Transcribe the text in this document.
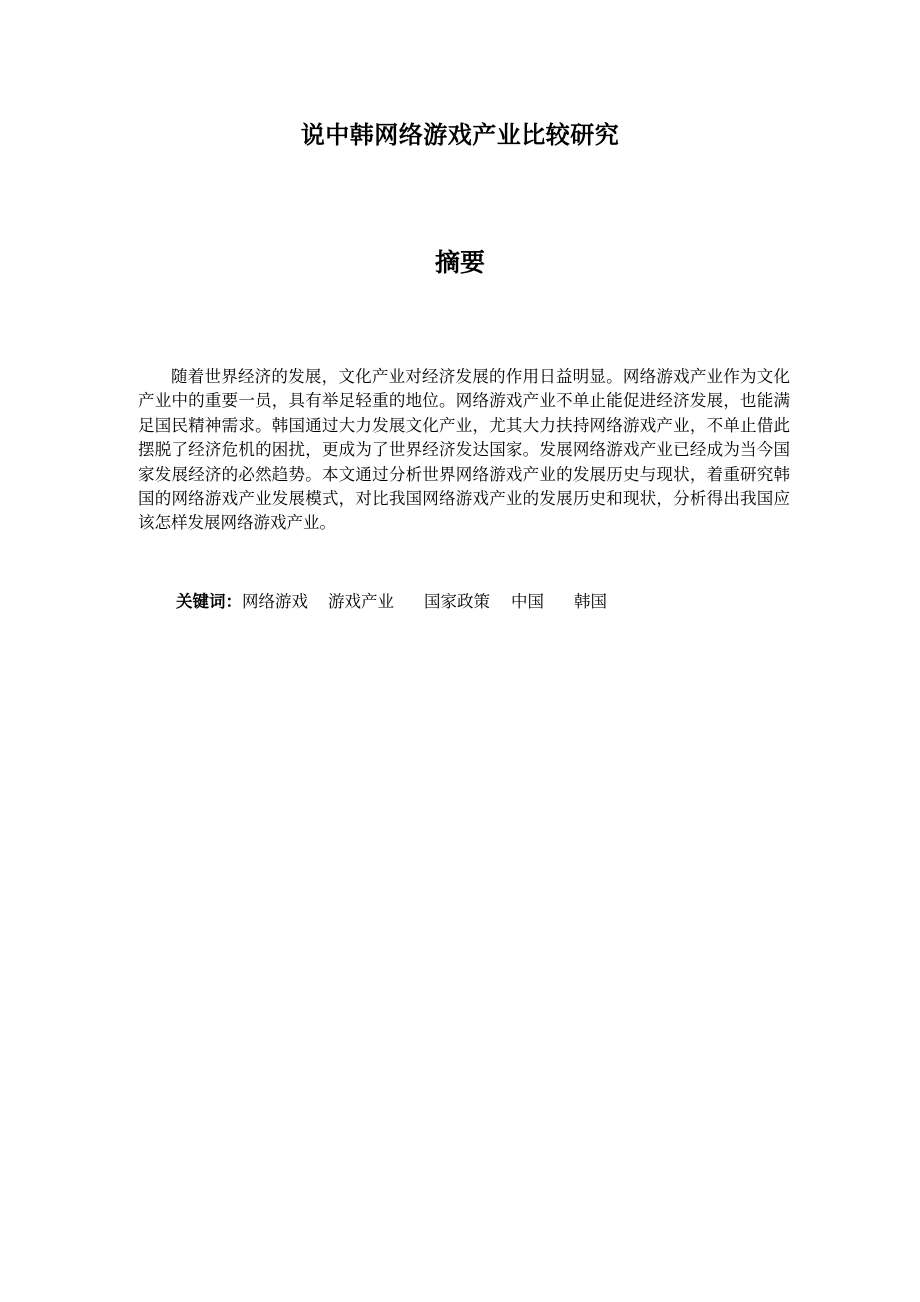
说中韩网络游戏产业比较研究
摘要

随着世界经济的发展，文化产业对经济发展的作用日益明显。网络游戏产业作为文化产业中的重要一员，具有举足轻重的地位。网络游戏产业不单止能促进经济发展，也能满足国民精神需求。韩国通过大力发展文化产业，尤其大力扶持网络游戏产业，不单止借此摆脱了经济危机的困扰，更成为了世界经济发达国家。发展网络游戏产业已经成为当今国家发展经济的必然趋势。本文通过分析世界网络游戏产业的发展历史与现状，着重研究韩国的网络游戏产业发展模式，对比我国网络游戏产业的发展历史和现状，分析得出我国应该怎样发展网络游戏产业。

关键词：网络游戏 游戏产业 国家政策 中国 韩国
